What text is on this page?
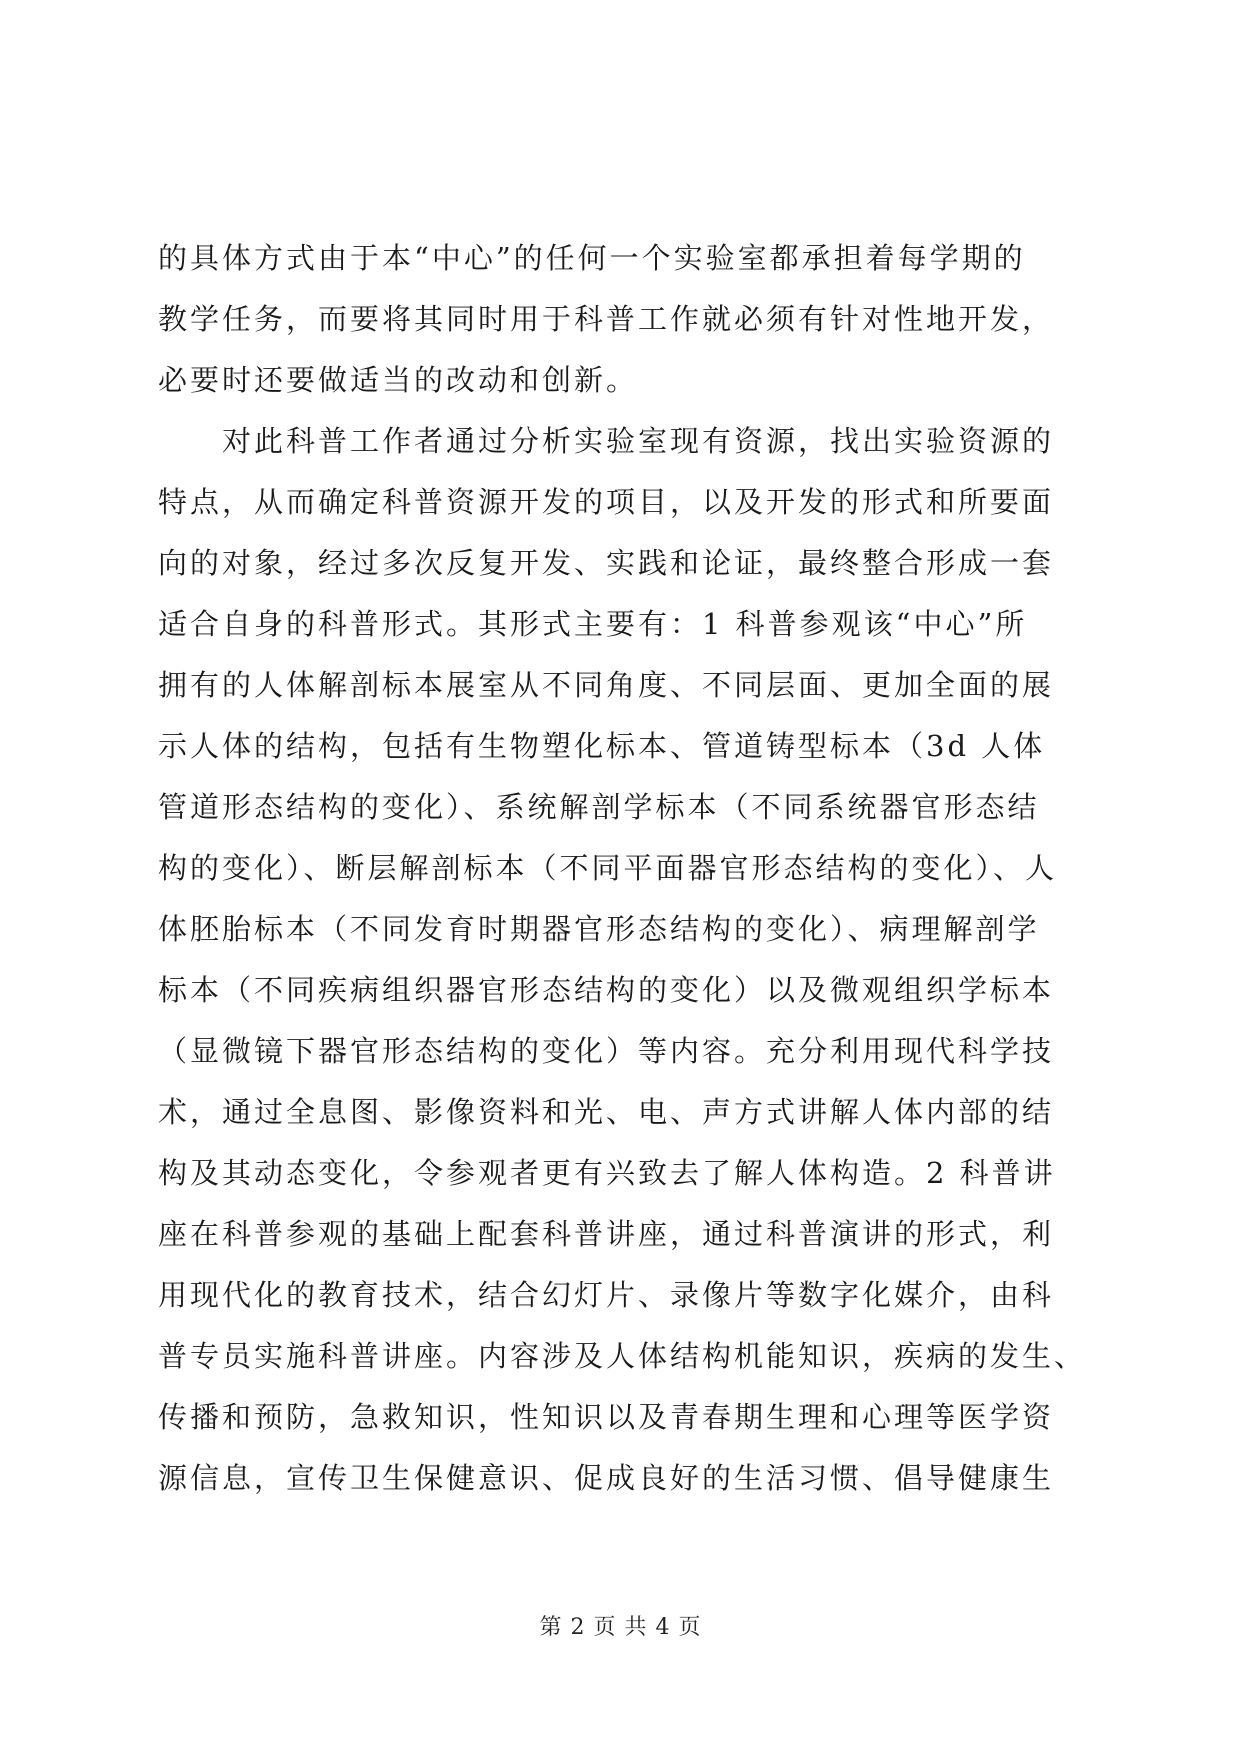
的具体方式由于本“中心”的任何一个实验室都承担着每学期的
教学任务，而要将其同时用于科普工作就必须有针对性地开发，
必要时还要做适当的改动和创新。
对此科普工作者通过分析实验室现有资源，找出实验资源的
特点，从而确定科普资源开发的项目，以及开发的形式和所要面
向的对象，经过多次反复开发、实践和论证，最终整合形成一套
适合自身的科普形式。其形式主要有：1 科普参观该“中心”所
拥有的人体解剖标本展室从不同角度、不同层面、更加全面的展
示人体的结构，包括有生物塑化标本、管道铸型标本（3d 人体
管道形态结构的变化）、系统解剖学标本（不同系统器官形态结
构的变化）、断层解剖标本（不同平面器官形态结构的变化）、人
体胚胎标本（不同发育时期器官形态结构的变化）、病理解剖学
标本（不同疾病组织器官形态结构的变化）以及微观组织学标本
（显微镜下器官形态结构的变化）等内容。充分利用现代科学技
术，通过全息图、影像资料和光、电、声方式讲解人体内部的结
构及其动态变化，令参观者更有兴致去了解人体构造。2 科普讲
座在科普参观的基础上配套科普讲座，通过科普演讲的形式，利
用现代化的教育技术，结合幻灯片、录像片等数字化媒介，由科
普专员实施科普讲座。内容涉及人体结构机能知识，疾病的发生、
传播和预防，急救知识，性知识以及青春期生理和心理等医学资
源信息，宣传卫生保健意识、促成良好的生活习惯、倡导健康生
第 2 页 共 4 页
